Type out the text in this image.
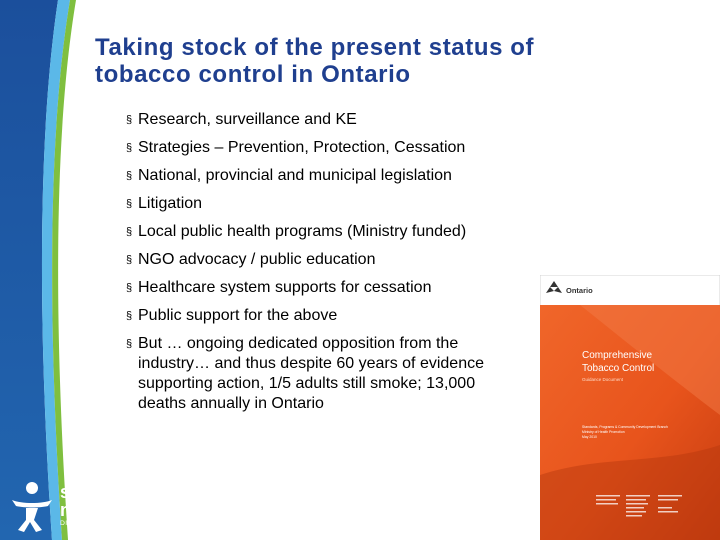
Taking stock of the present status of
tobacco control in Ontario
§ Research, surveillance and KE
§ Strategies – Prevention, Protection, Cessation
§ National, provincial and municipal legislation
§ Litigation
§ Local public health programs (Ministry funded)
§ NGO advocacy / public education
§ Healthcare system supports for cessation
§ Public support for the above
§ But … ongoing dedicated opposition from the industry… and thus despite 60 years of evidence supporting action, 1/5 adults still smoke; 13,000 deaths annually in Ontario
Ontario
Comprehensive
Tobacco Control
Guidance Document
Standards, Programs & Community Development Branch
Ministry of Health Promotion
May 2010
simcoe
muskoka
DISTRICT HEALTH UNIT
